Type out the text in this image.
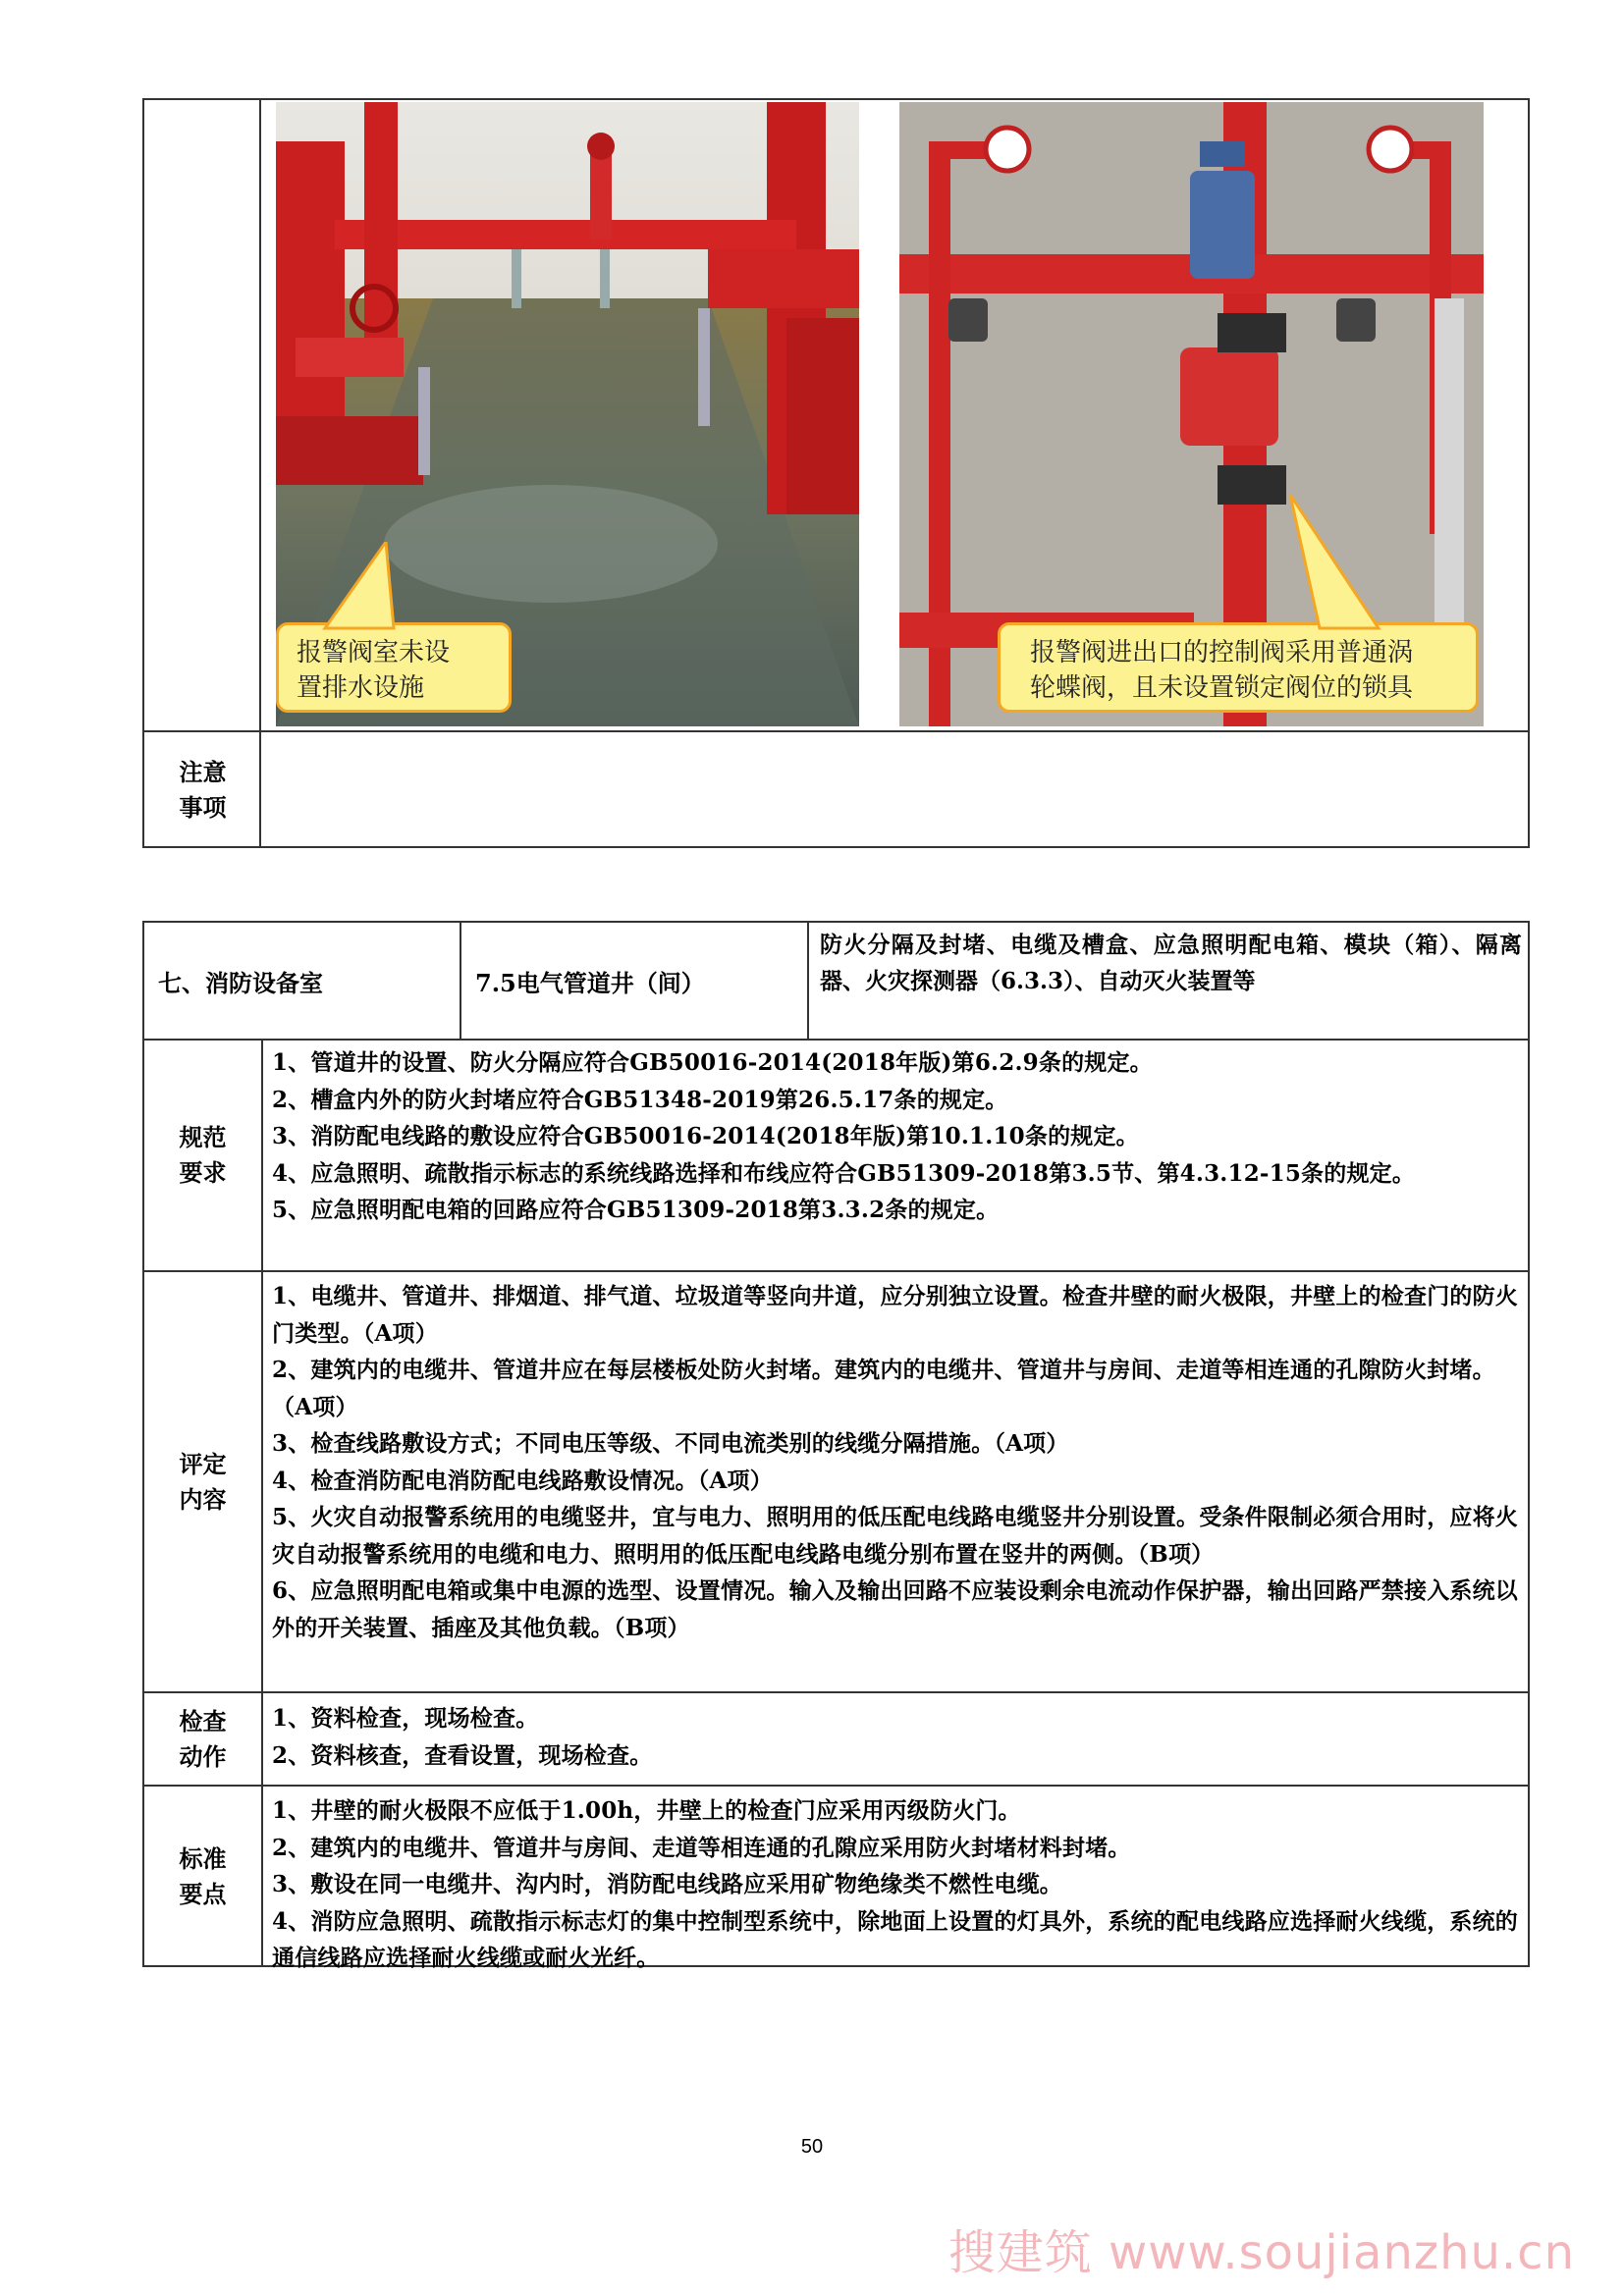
注意
事项
报警阀室未设
置排水设施
报警阀进出口的控制阀采用普通涡
轮蝶阀，且未设置锁定阀位的锁具
七、消防设备室	7.5电气管道井（间）
防火分隔及封堵、电缆及槽盒、应急照明配电箱、模块（箱）、隔离器、火灾探测器（6.3.3）、自动灭火装置等
规范
要求

1、管道井的设置、防火分隔应符合GB50016-2014(2018年版)第6.2.9条的规定。

2、槽盒内外的防火封堵应符合GB51348-2019第26.5.17条的规定。

3、消防配电线路的敷设应符合GB50016-2014(2018年版)第10.1.10条的规定。

4、应急照明、疏散指示标志的系统线路选择和布线应符合GB51309-2018第3.5节、第4.3.12-15条的规定。

5、应急照明配电箱的回路应符合GB51309-2018第3.3.2条的规定。

评定
内容

1、电缆井、管道井、排烟道、排气道、垃圾道等竖向井道，应分别独立设置。检查井壁的耐火极限，井壁上的检查门的防火门类型。（A项）

2、建筑内的电缆井、管道井应在每层楼板处防火封堵。建筑内的电缆井、管道井与房间、走道等相连通的孔隙防火封堵。（A项）

3、检查线路敷设方式；不同电压等级、不同电流类别的线缆分隔措施。（A项）

4、检查消防配电消防配电线路敷设情况。（A项）

5、火灾自动报警系统用的电缆竖井，宜与电力、照明用的低压配电线路电缆竖井分别设置。受条件限制必须合用时，应将火灾自动报警系统用的电缆和电力、照明用的低压配电线路电缆分别布置在竖井的两侧。（B项）

6、应急照明配电箱或集中电源的选型、设置情况。输入及输出回路不应装设剩余电流动作保护器，输出回路严禁接入系统以外的开关装置、插座及其他负载。（B项）

检查
动作

1、资料检查，现场检查。

2、资料核查，查看设置，现场检查。

标准
要点

1、井壁的耐火极限不应低于1.00h，井壁上的检查门应采用丙级防火门。

2、建筑内的电缆井、管道井与房间、走道等相连通的孔隙应采用防火封堵材料封堵。

3、敷设在同一电缆井、沟内时，消防配电线路应采用矿物绝缘类不燃性电缆。

4、消防应急照明、疏散指示标志灯的集中控制型系统中，除地面上设置的灯具外，系统的配电线路应选择耐火线缆，系统的通信线路应选择耐火线缆或耐火光纤。

50
搜建筑 www.soujianzhu.cn
